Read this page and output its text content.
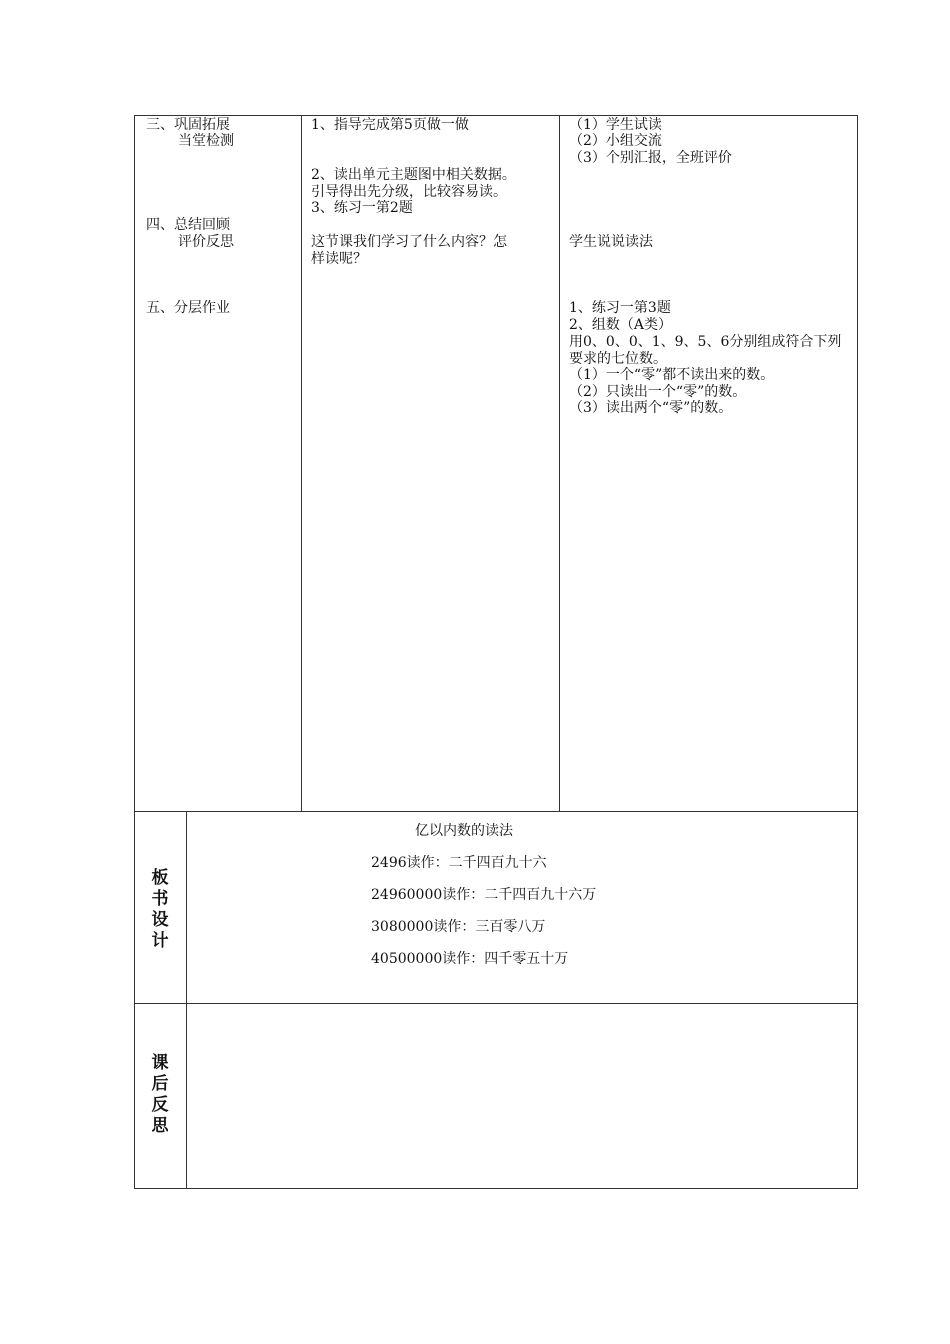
三、巩固拓展
当堂检测
四、总结回顾
评价反思
五、分层作业
1、指导完成第5页做一做
2、读出单元主题图中相关数据。
引导得出先分级，比较容易读。
3、练习一第2题
这节课我们学习了什么内容？怎
样读呢？
（1）学生试读
（2）小组交流
（3）个别汇报，全班评价
学生说说读法
1、练习一第3题
2、组数（A类）
用0、0、0、1、9、5、6分别组成符合下列
要求的七位数。
（1）一个“零”都不读出来的数。
（2）只读出一个“零”的数。
（3）读出两个“零”的数。
板
书
设
计
亿以内数的读法
2496读作：二千四百九十六
24960000读作：二千四百九十六万
3080000读作：三百零八万
40500000读作：四千零五十万
课
后
反
思
